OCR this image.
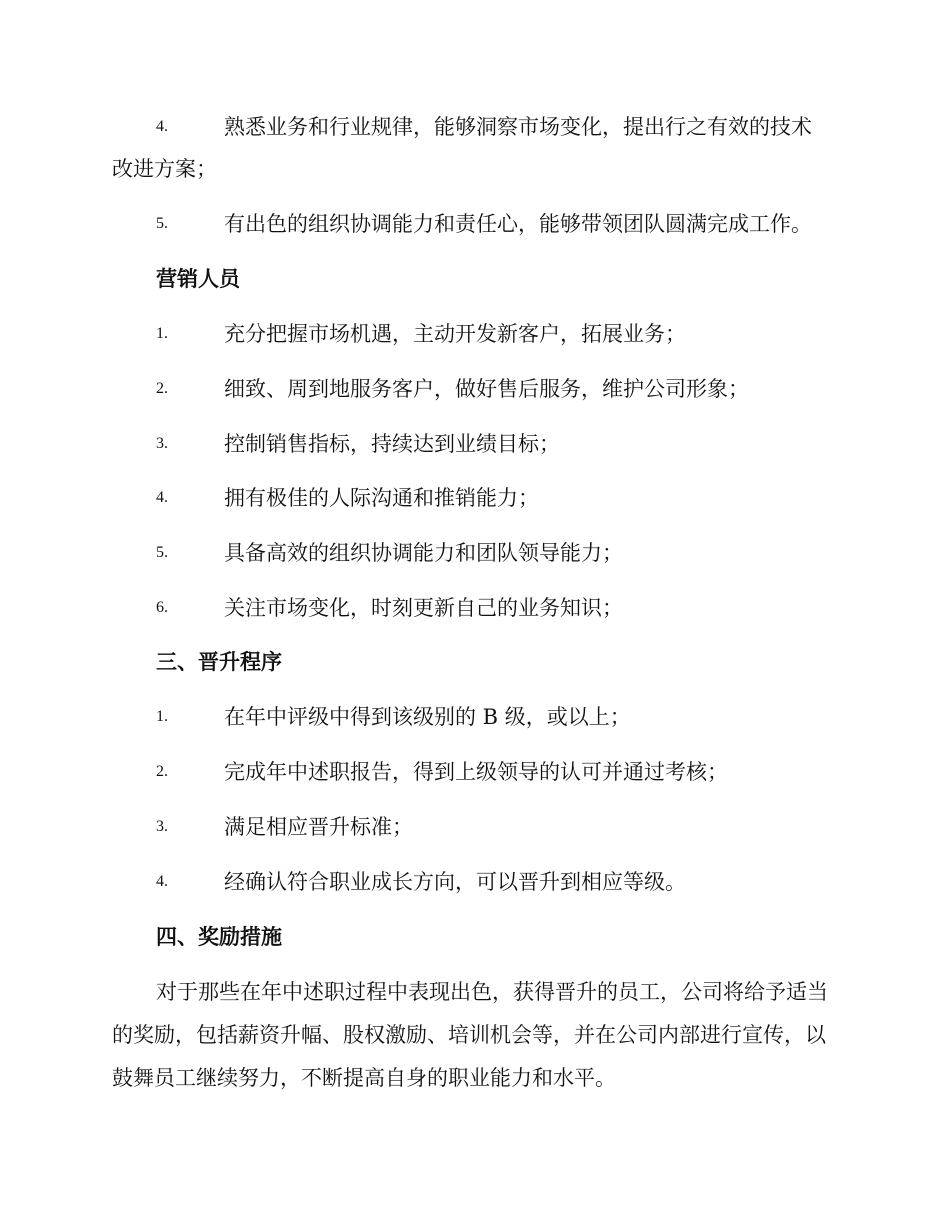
4.	熟悉业务和行业规律，能够洞察市场变化，提出行之有效的技术改进方案；
5.	有出色的组织协调能力和责任心，能够带领团队圆满完成工作。
营销人员
1.	充分把握市场机遇，主动开发新客户，拓展业务；
2.	细致、周到地服务客户，做好售后服务，维护公司形象；
3.	控制销售指标，持续达到业绩目标；
4.	拥有极佳的人际沟通和推销能力；
5.	具备高效的组织协调能力和团队领导能力；
6.	关注市场变化，时刻更新自己的业务知识；
三、晋升程序
1.	在年中评级中得到该级别的 B 级，或以上；
2.	完成年中述职报告，得到上级领导的认可并通过考核；
3.	满足相应晋升标准；
4.	经确认符合职业成长方向，可以晋升到相应等级。
四、奖励措施
对于那些在年中述职过程中表现出色，获得晋升的员工，公司将给予适当的奖励，包括薪资升幅、股权激励、培训机会等，并在公司内部进行宣传，以鼓舞员工继续努力，不断提高自身的职业能力和水平。
